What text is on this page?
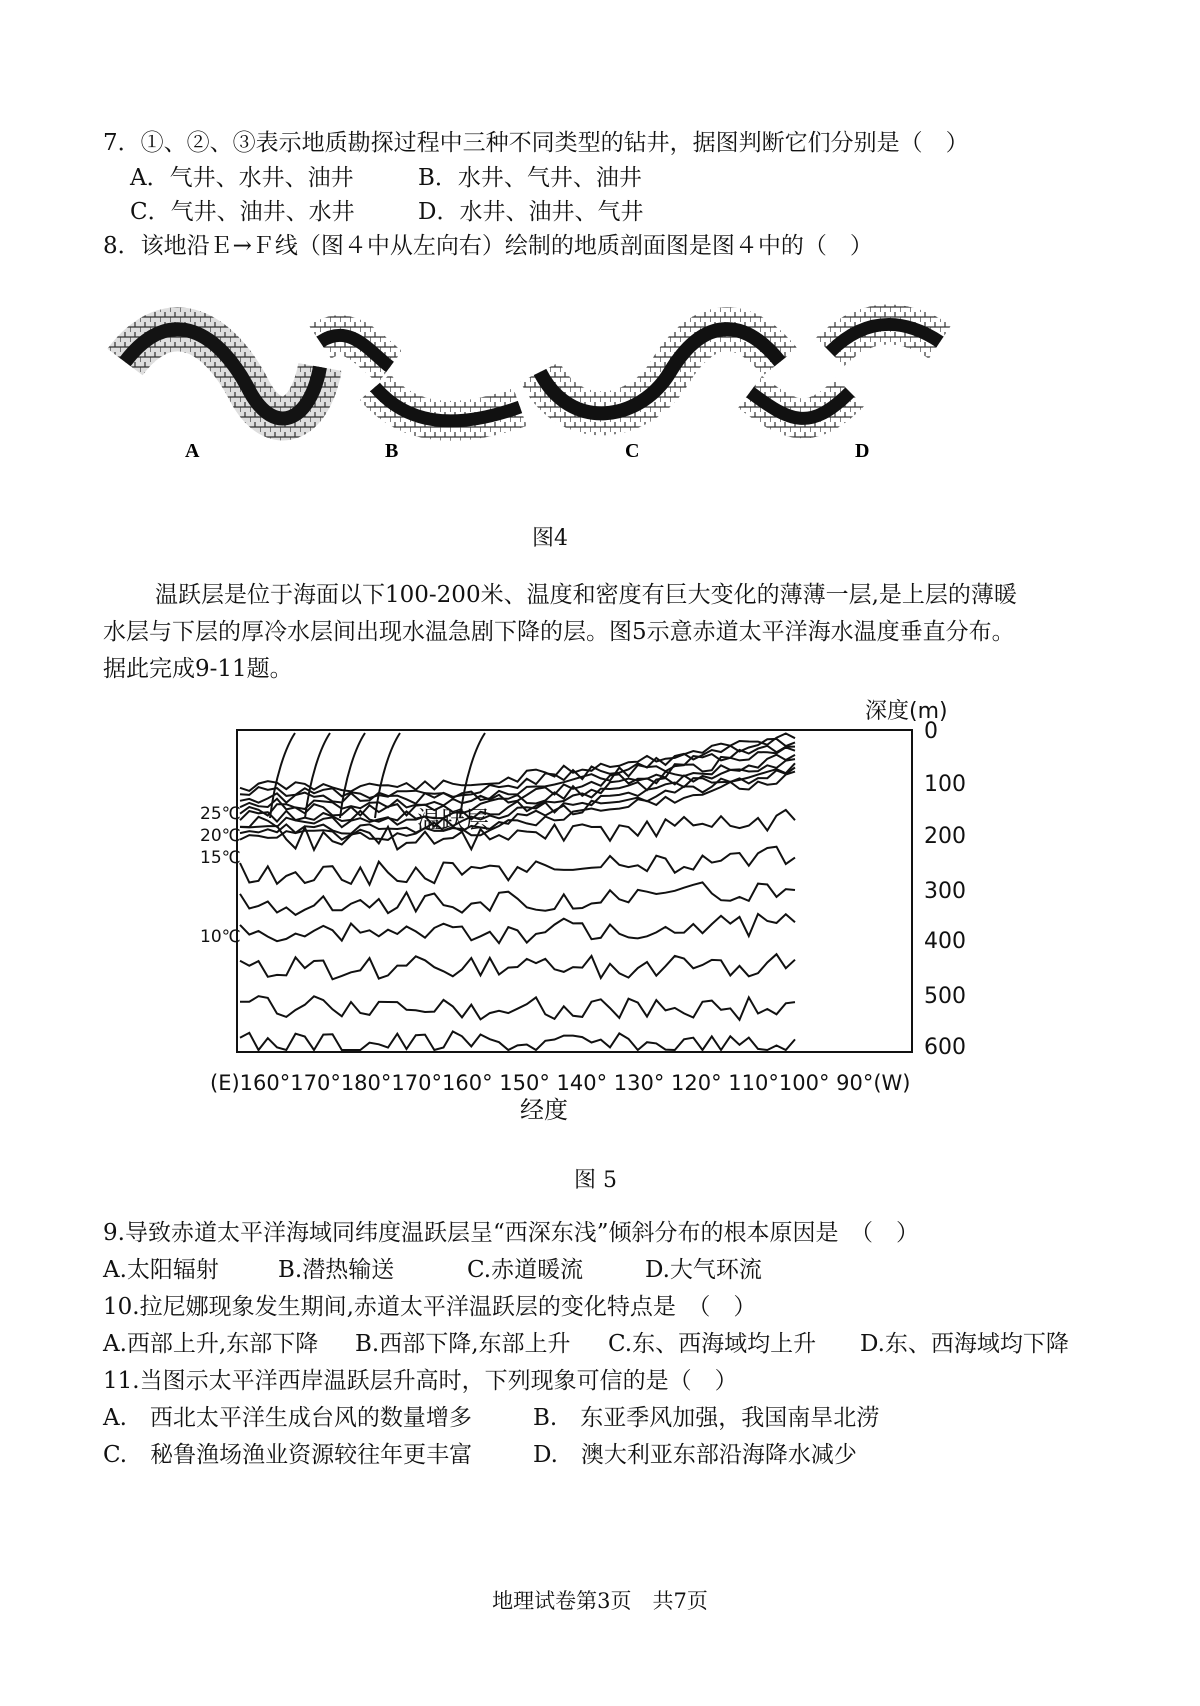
7．①、②、③表示地质勘探过程中三种不同类型的钻井，据图判断它们分别是（　）
A．气井、水井、油井	B．水井、气井、油井
C．气井、油井、水井	D．水井、油井、气井
8．该地沿Ｅ→Ｆ线（图４中从左向右）绘制的地质剖面图是图４中的（　）
A	B	C	D
图4
温跃层是位于海面以下100-200米、温度和密度有巨大变化的薄薄一层,是上层的薄暖
水层与下层的厚冷水层间出现水温急剧下降的层。图5示意赤道太平洋海水温度垂直分布。
据此完成9-11题。
深度(m)
0
100
200
300
400
500
600
25℃
20℃
15℃
10℃
温跃层
(E)160°170°180°170°160° 150° 140° 130° 120° 110°100° 90°(W)
经度
图 5
9.导致赤道太平洋海域同纬度温跃层呈“西深东浅”倾斜分布的根本原因是　（　）
A.太阳辐射	B.潜热输送	C.赤道暖流	D.大气环流
10.拉尼娜现象发生期间,赤道太平洋温跃层的变化特点是　（　）
A.西部上升,东部下降 B.西部下降,东部上升 C.东、西海域均上升 D.东、西海域均下降
11.当图示太平洋西岸温跃层升高时，下列现象可信的是（　）
A.　西北太平洋生成台风的数量增多	B.　东亚季风加强，我国南旱北涝
C.　秘鲁渔场渔业资源较往年更丰富	D.　澳大利亚东部沿海降水减少
地理试卷第3页　共7页
